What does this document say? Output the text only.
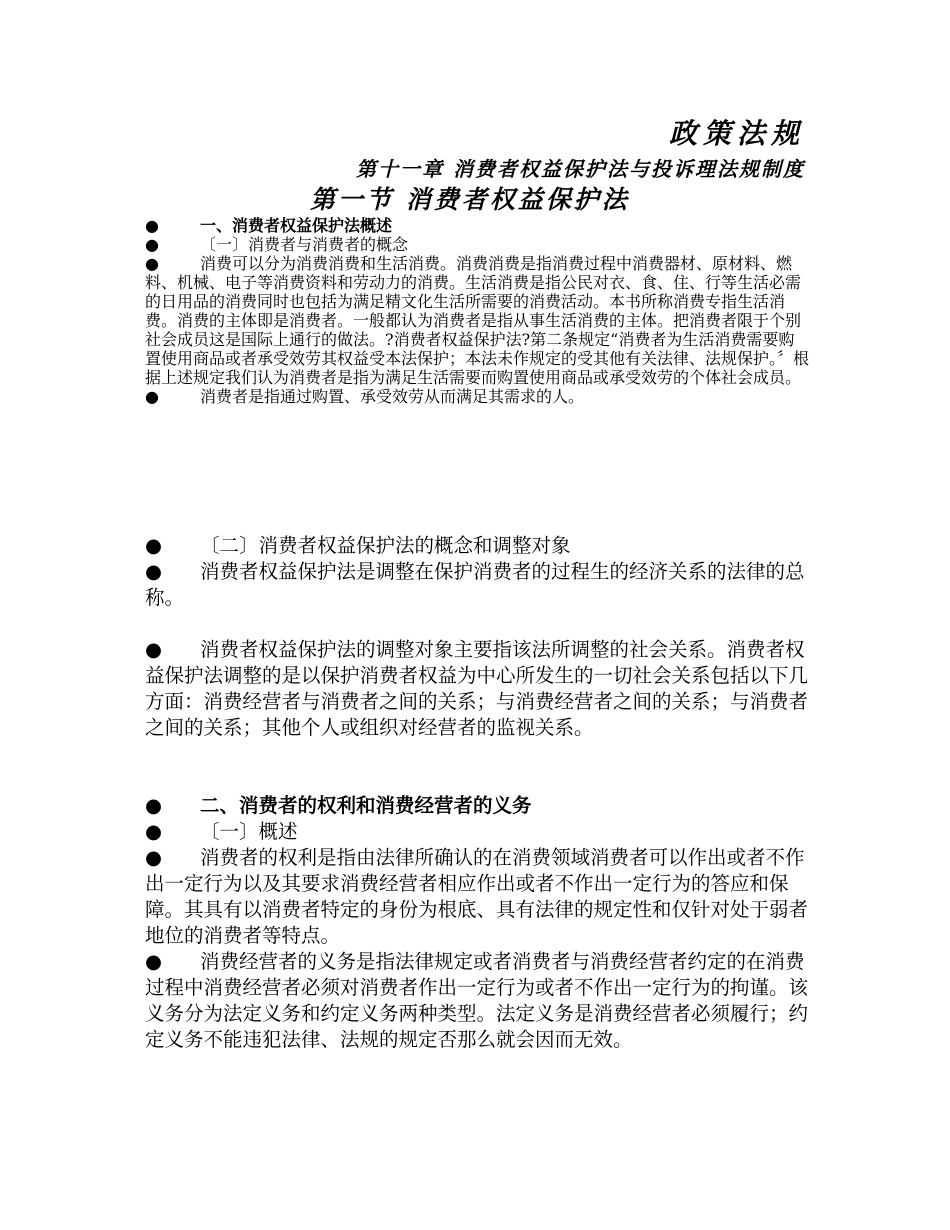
政策法规
第十一章 消费者权益保护法与投诉理法规制度
第一节 消费者权益保护法
●	一、消费者权益保护法概述
●	〔一〕消费者与消费者的概念
●	消费可以分为消费消费和生活消费。消费消费是指消费过程中消费器材、原材料、燃料、机械、电子等消费资料和劳动力的消费。生活消费是指公民对衣、食、住、行等生活必需的日用品的消费同时也包括为满足精文化生活所需要的消费活动。本书所称消费专指生活消费。消费的主体即是消费者。一般都认为消费者是指从事生活消费的主体。把消费者限于个别社会成员这是国际上通行的做法。?消费者权益保护法?第二条规定“消费者为生活消费需要购置使用商品或者承受效劳其权益受本法保护；本法未作规定的受其他有关法律、法规保护。〞根据上述规定我们认为消费者是指为满足生活需要而购置使用商品或承受效劳的个体社会成员。
●	消费者是指通过购置、承受效劳从而满足其需求的人。
●	〔二〕消费者权益保护法的概念和调整对象
●	消费者权益保护法是调整在保护消费者的过程生的经济关系的法律的总称。
●	消费者权益保护法的调整对象主要指该法所调整的社会关系。消费者权益保护法调整的是以保护消费者权益为中心所发生的一切社会关系包括以下几方面：消费经营者与消费者之间的关系；与消费经营者之间的关系；与消费者之间的关系；其他个人或组织对经营者的监视关系。
●	二、消费者的权利和消费经营者的义务
●	〔一〕概述
●	消费者的权利是指由法律所确认的在消费领域消费者可以作出或者不作出一定行为以及其要求消费经营者相应作出或者不作出一定行为的答应和保障。其具有以消费者特定的身份为根底、具有法律的规定性和仅针对处于弱者地位的消费者等特点。
●	消费经营者的义务是指法律规定或者消费者与消费经营者约定的在消费过程中消费经营者必须对消费者作出一定行为或者不作出一定行为的拘谨。该义务分为法定义务和约定义务两种类型。法定义务是消费经营者必须履行；约定义务不能违犯法律、法规的规定否那么就会因而无效。
